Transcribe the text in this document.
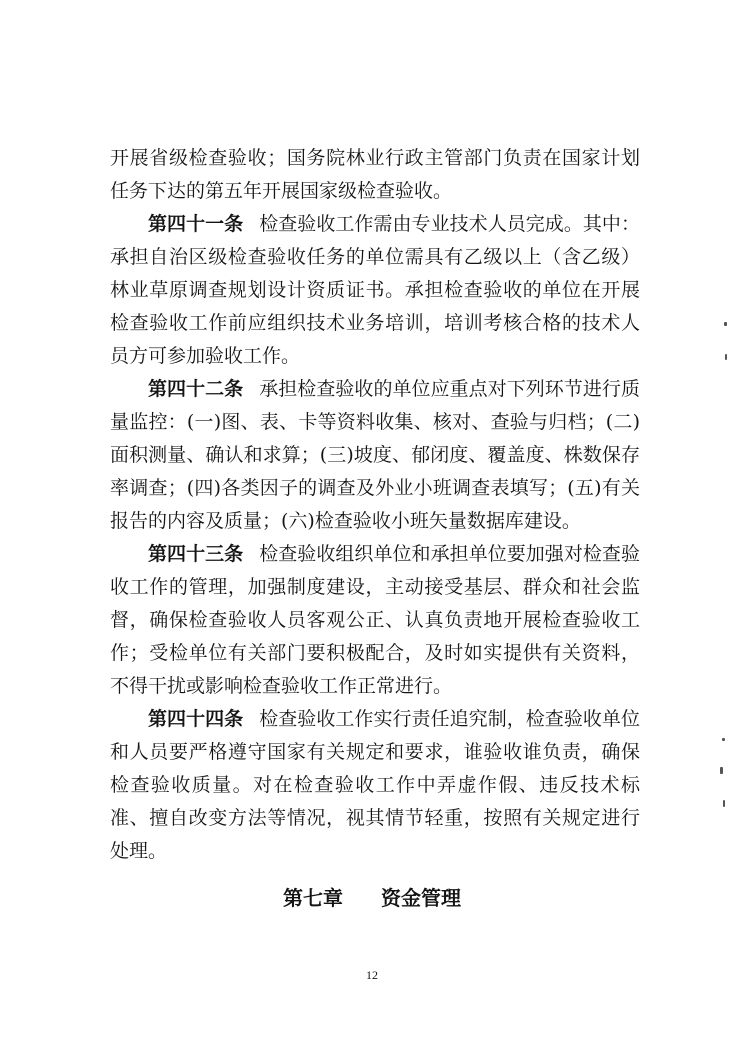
开展省级检查验收；国务院林业行政主管部门负责在国家计划任务下达的第五年开展国家级检查验收。

第四十一条 检查验收工作需由专业技术人员完成。其中：承担自治区级检查验收任务的单位需具有乙级以上（含乙级）林业草原调查规划设计资质证书。承担检查验收的单位在开展检查验收工作前应组织技术业务培训，培训考核合格的技术人员方可参加验收工作。

第四十二条 承担检查验收的单位应重点对下列环节进行质量监控：(一)图、表、卡等资料收集、核对、查验与归档；(二)面积测量、确认和求算；(三)坡度、郁闭度、覆盖度、株数保存率调查；(四)各类因子的调查及外业小班调查表填写；(五)有关报告的内容及质量；(六)检查验收小班矢量数据库建设。

第四十三条 检查验收组织单位和承担单位要加强对检查验收工作的管理，加强制度建设，主动接受基层、群众和社会监督，确保检查验收人员客观公正、认真负责地开展检查验收工作；受检单位有关部门要积极配合，及时如实提供有关资料，不得干扰或影响检查验收工作正常进行。

第四十四条 检查验收工作实行责任追究制，检查验收单位和人员要严格遵守国家有关规定和要求，谁验收谁负责，确保检查验收质量。对在检查验收工作中弄虚作假、违反技术标准、擅自改变方法等情况，视其情节轻重，按照有关规定进行处理。

第七章 资金管理
12
